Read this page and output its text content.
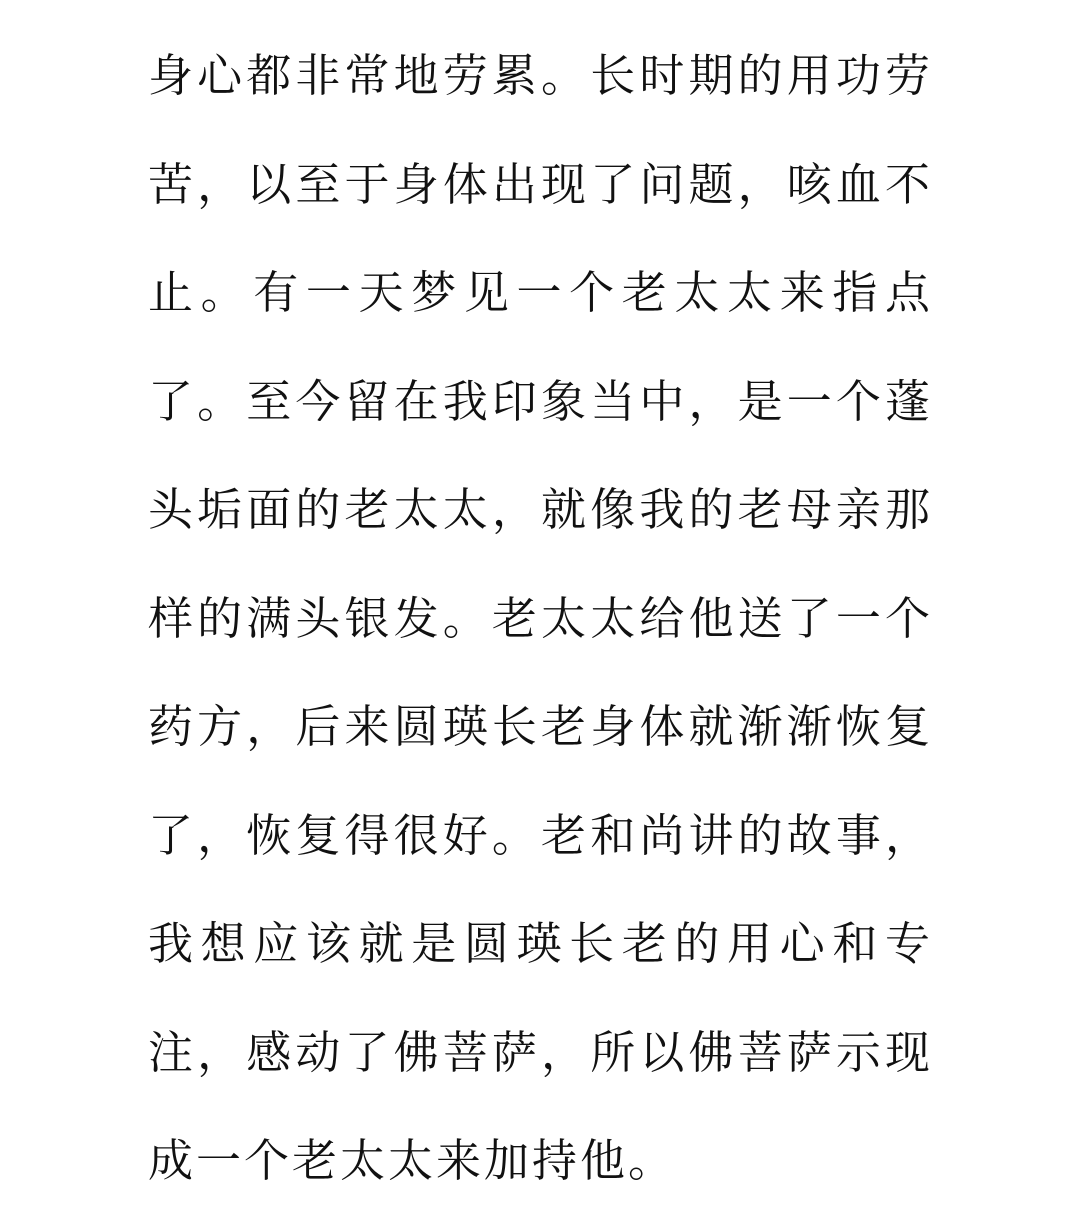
身心都非常地劳累。长时期的用功劳
苦，以至于身体出现了问题，咳血不
止。有一天梦见一个老太太来指点
了。至今留在我印象当中，是一个蓬
头垢面的老太太，就像我的老母亲那
样的满头银发。老太太给他送了一个
药方，后来圆瑛长老身体就渐渐恢复
了，恢复得很好。老和尚讲的故事，
我想应该就是圆瑛长老的用心和专
注，感动了佛菩萨，所以佛菩萨示现
成一个老太太来加持他。
